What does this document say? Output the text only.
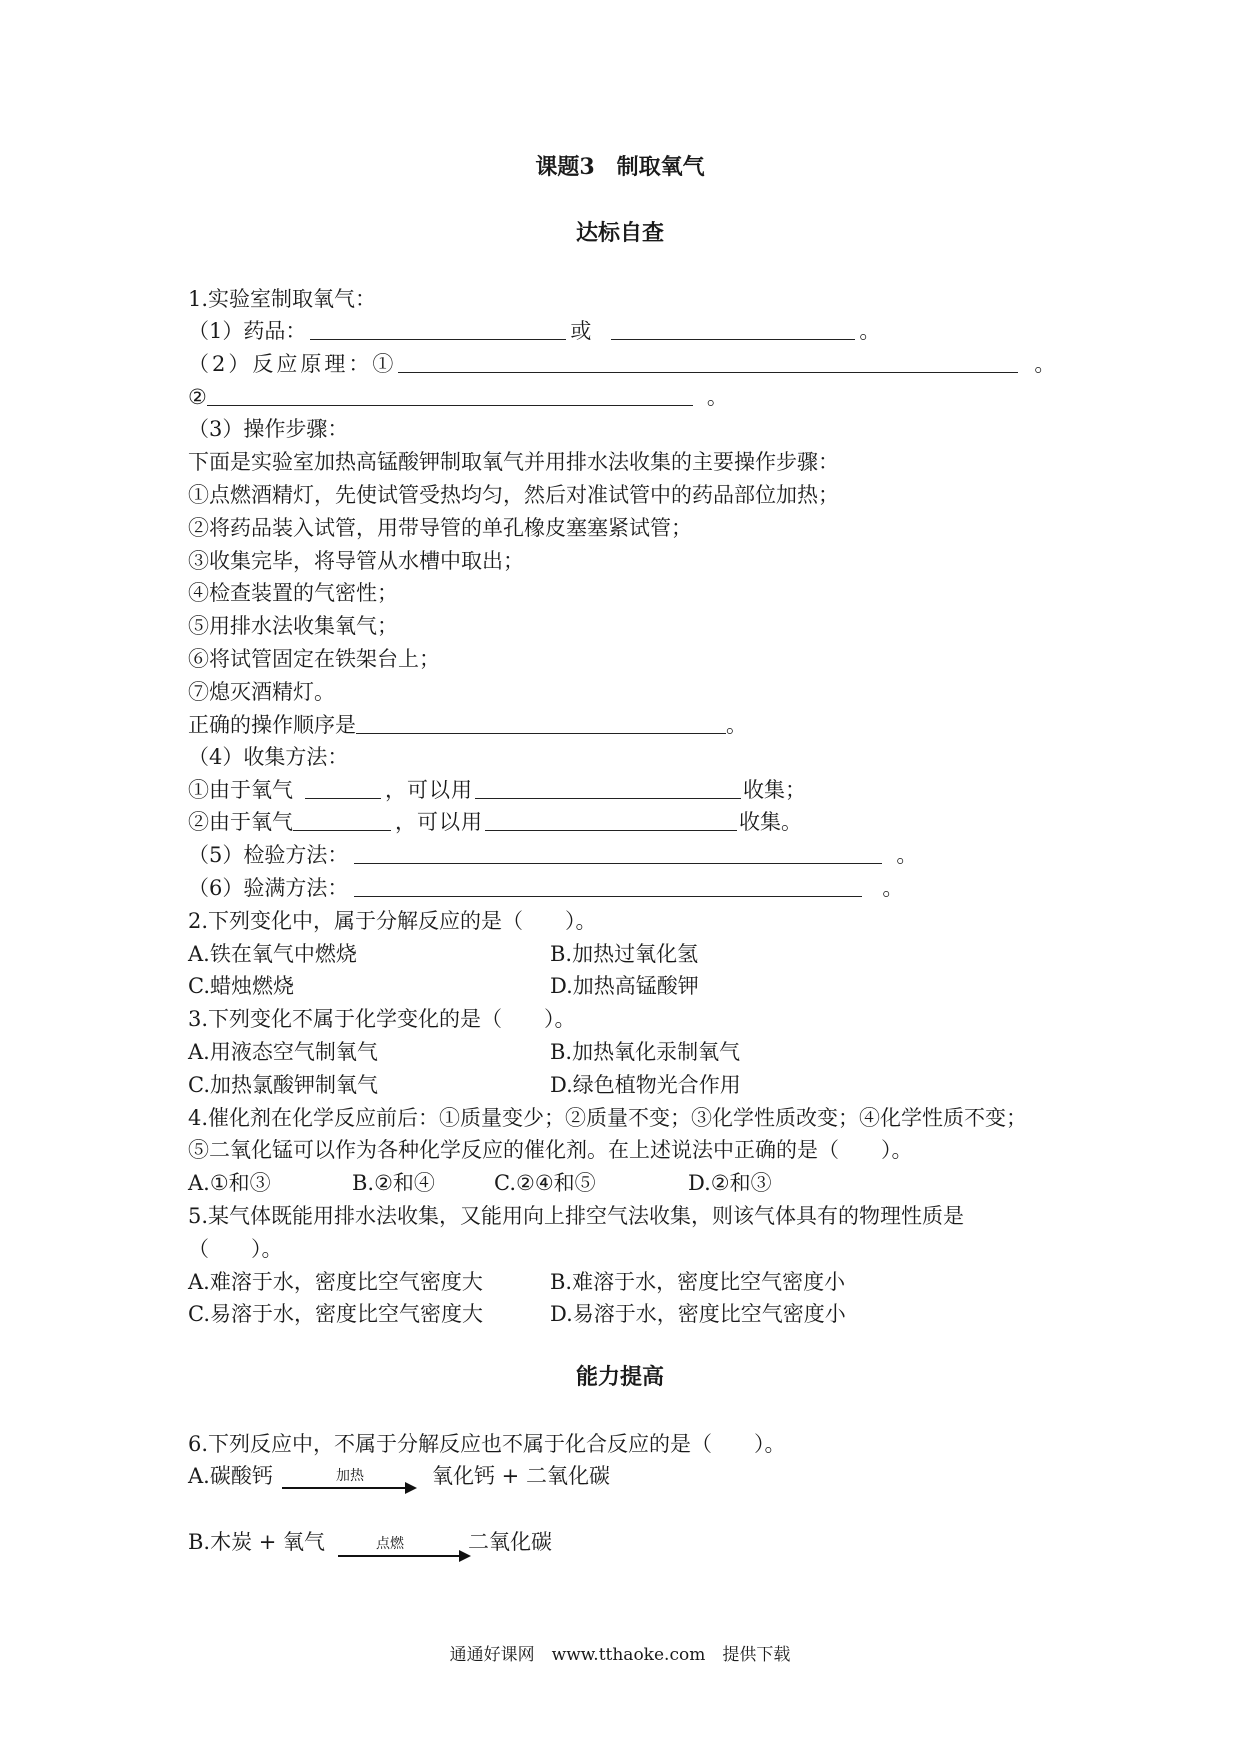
课题3　制取氧气
达标自查
1.实验室制取氧气：
（1）药品：	或	。
（2）反应原理：①	。
②	。
（3）操作步骤：
下面是实验室加热高锰酸钾制取氧气并用排水法收集的主要操作步骤：
①点燃酒精灯，先使试管受热均匀，然后对准试管中的药品部位加热；
②将药品装入试管，用带导管的单孔橡皮塞塞紧试管；
③收集完毕，将导管从水槽中取出；
④检查装置的气密性；
⑤用排水法收集氧气；
⑥将试管固定在铁架台上；
⑦熄灭酒精灯。
正确的操作顺序是	。
（4）收集方法：
①由于氧气	，可以用	收集；
②由于氧气	，可以用	收集。
（5）检验方法：	。
（6）验满方法：	。
2.下列变化中，属于分解反应的是（　　）。
A.铁在氧气中燃烧	B.加热过氧化氢
C.蜡烛燃烧	D.加热高锰酸钾
3.下列变化不属于化学变化的是（　　）。
A.用液态空气制氧气	B.加热氧化汞制氧气
C.加热氯酸钾制氧气	D.绿色植物光合作用
4.催化剂在化学反应前后：①质量变少；②质量不变；③化学性质改变；④化学性质不变；
⑤二氧化锰可以作为各种化学反应的催化剂。在上述说法中正确的是（　　）。
A.①和③	B.②和④	C.②④和⑤	D.②和③
5.某气体既能用排水法收集，又能用向上排空气法收集，则该气体具有的物理性质是
（　　）。
A.难溶于水，密度比空气密度大	B.难溶于水，密度比空气密度小
C.易溶于水，密度比空气密度大	D.易溶于水，密度比空气密度小
能力提高
6.下列反应中，不属于分解反应也不属于化合反应的是（　　）。
A.碳酸钙	加热	氧化钙 + 二氧化碳
B.木炭 + 氧气	点燃	二氧化碳
通通好课网　www.tthaoke.com　提供下载
